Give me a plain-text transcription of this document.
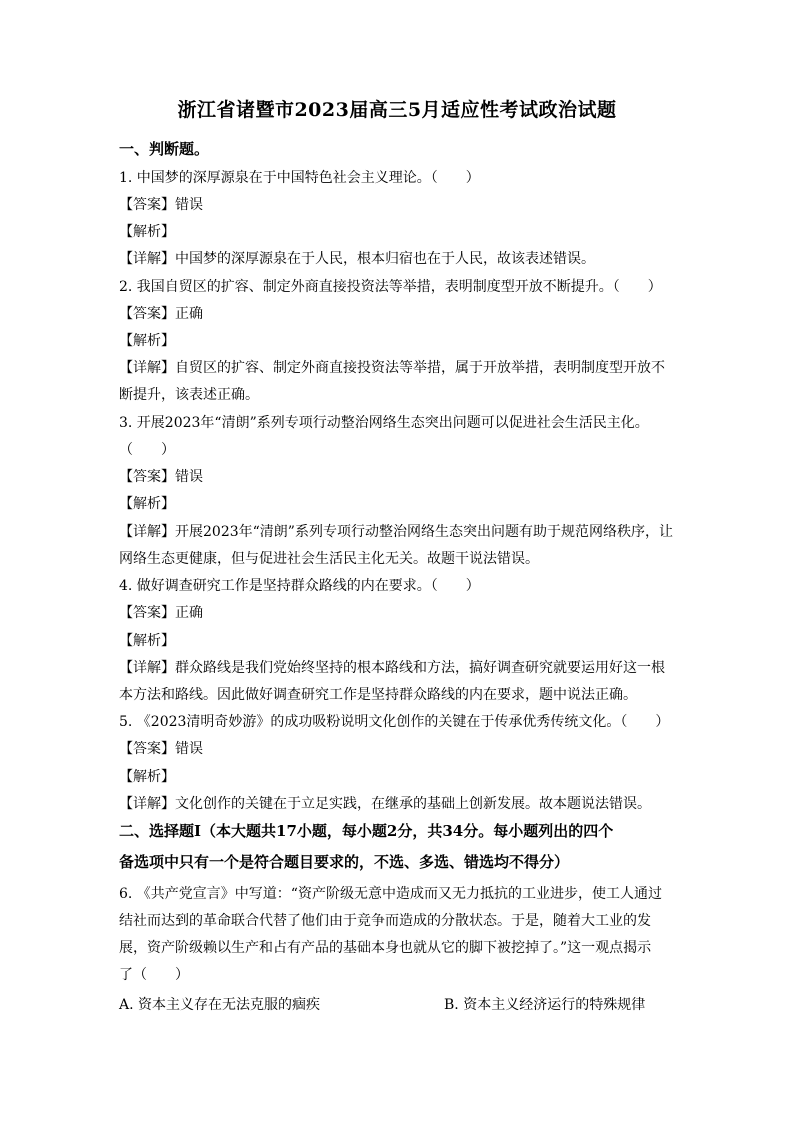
浙江省诸暨市2023届高三5月适应性考试政治试题
一、判断题。
1. 中国梦的深厚源泉在于中国特色社会主义理论。（　　）
【答案】错误
【解析】
【详解】中国梦的深厚源泉在于人民，根本归宿也在于人民，故该表述错误。
2. 我国自贸区的扩容、制定外商直接投资法等举措，表明制度型开放不断提升。（　　）
【答案】正确
【解析】
【详解】自贸区的扩容、制定外商直接投资法等举措，属于开放举措，表明制度型开放不
断提升，该表述正确。
3. 开展2023年“清朗”系列专项行动整治网络生态突出问题可以促进社会生活民主化。
（　　）
【答案】错误
【解析】
【详解】开展2023年“清朗”系列专项行动整治网络生态突出问题有助于规范网络秩序，让
网络生态更健康，但与促进社会生活民主化无关。故题干说法错误。
4. 做好调查研究工作是坚持群众路线的内在要求。（　　）
【答案】正确
【解析】
【详解】群众路线是我们党始终坚持的根本路线和方法，搞好调查研究就要运用好这一根
本方法和路线。因此做好调查研究工作是坚持群众路线的内在要求，题中说法正确。
5. 《2023清明奇妙游》的成功吸粉说明文化创作的关键在于传承优秀传统文化。（　　）
【答案】错误
【解析】
【详解】文化创作的关键在于立足实践，在继承的基础上创新发展。故本题说法错误。
二、选择题Ⅰ（本大题共17小题，每小题2分，共34分。每小题列出的四个
备选项中只有一个是符合题目要求的，不选、多选、错选均不得分）
6. 《共产党宣言》中写道：“资产阶级无意中造成而又无力抵抗的工业进步，使工人通过
结社而达到的革命联合代替了他们由于竞争而造成的分散状态。于是，随着大工业的发
展，资产阶级赖以生产和占有产品的基础本身也就从它的脚下被挖掉了。”这一观点揭示
了（　　）
A. 资本主义存在无法克服的痼疾	B. 资本主义经济运行的特殊规律
